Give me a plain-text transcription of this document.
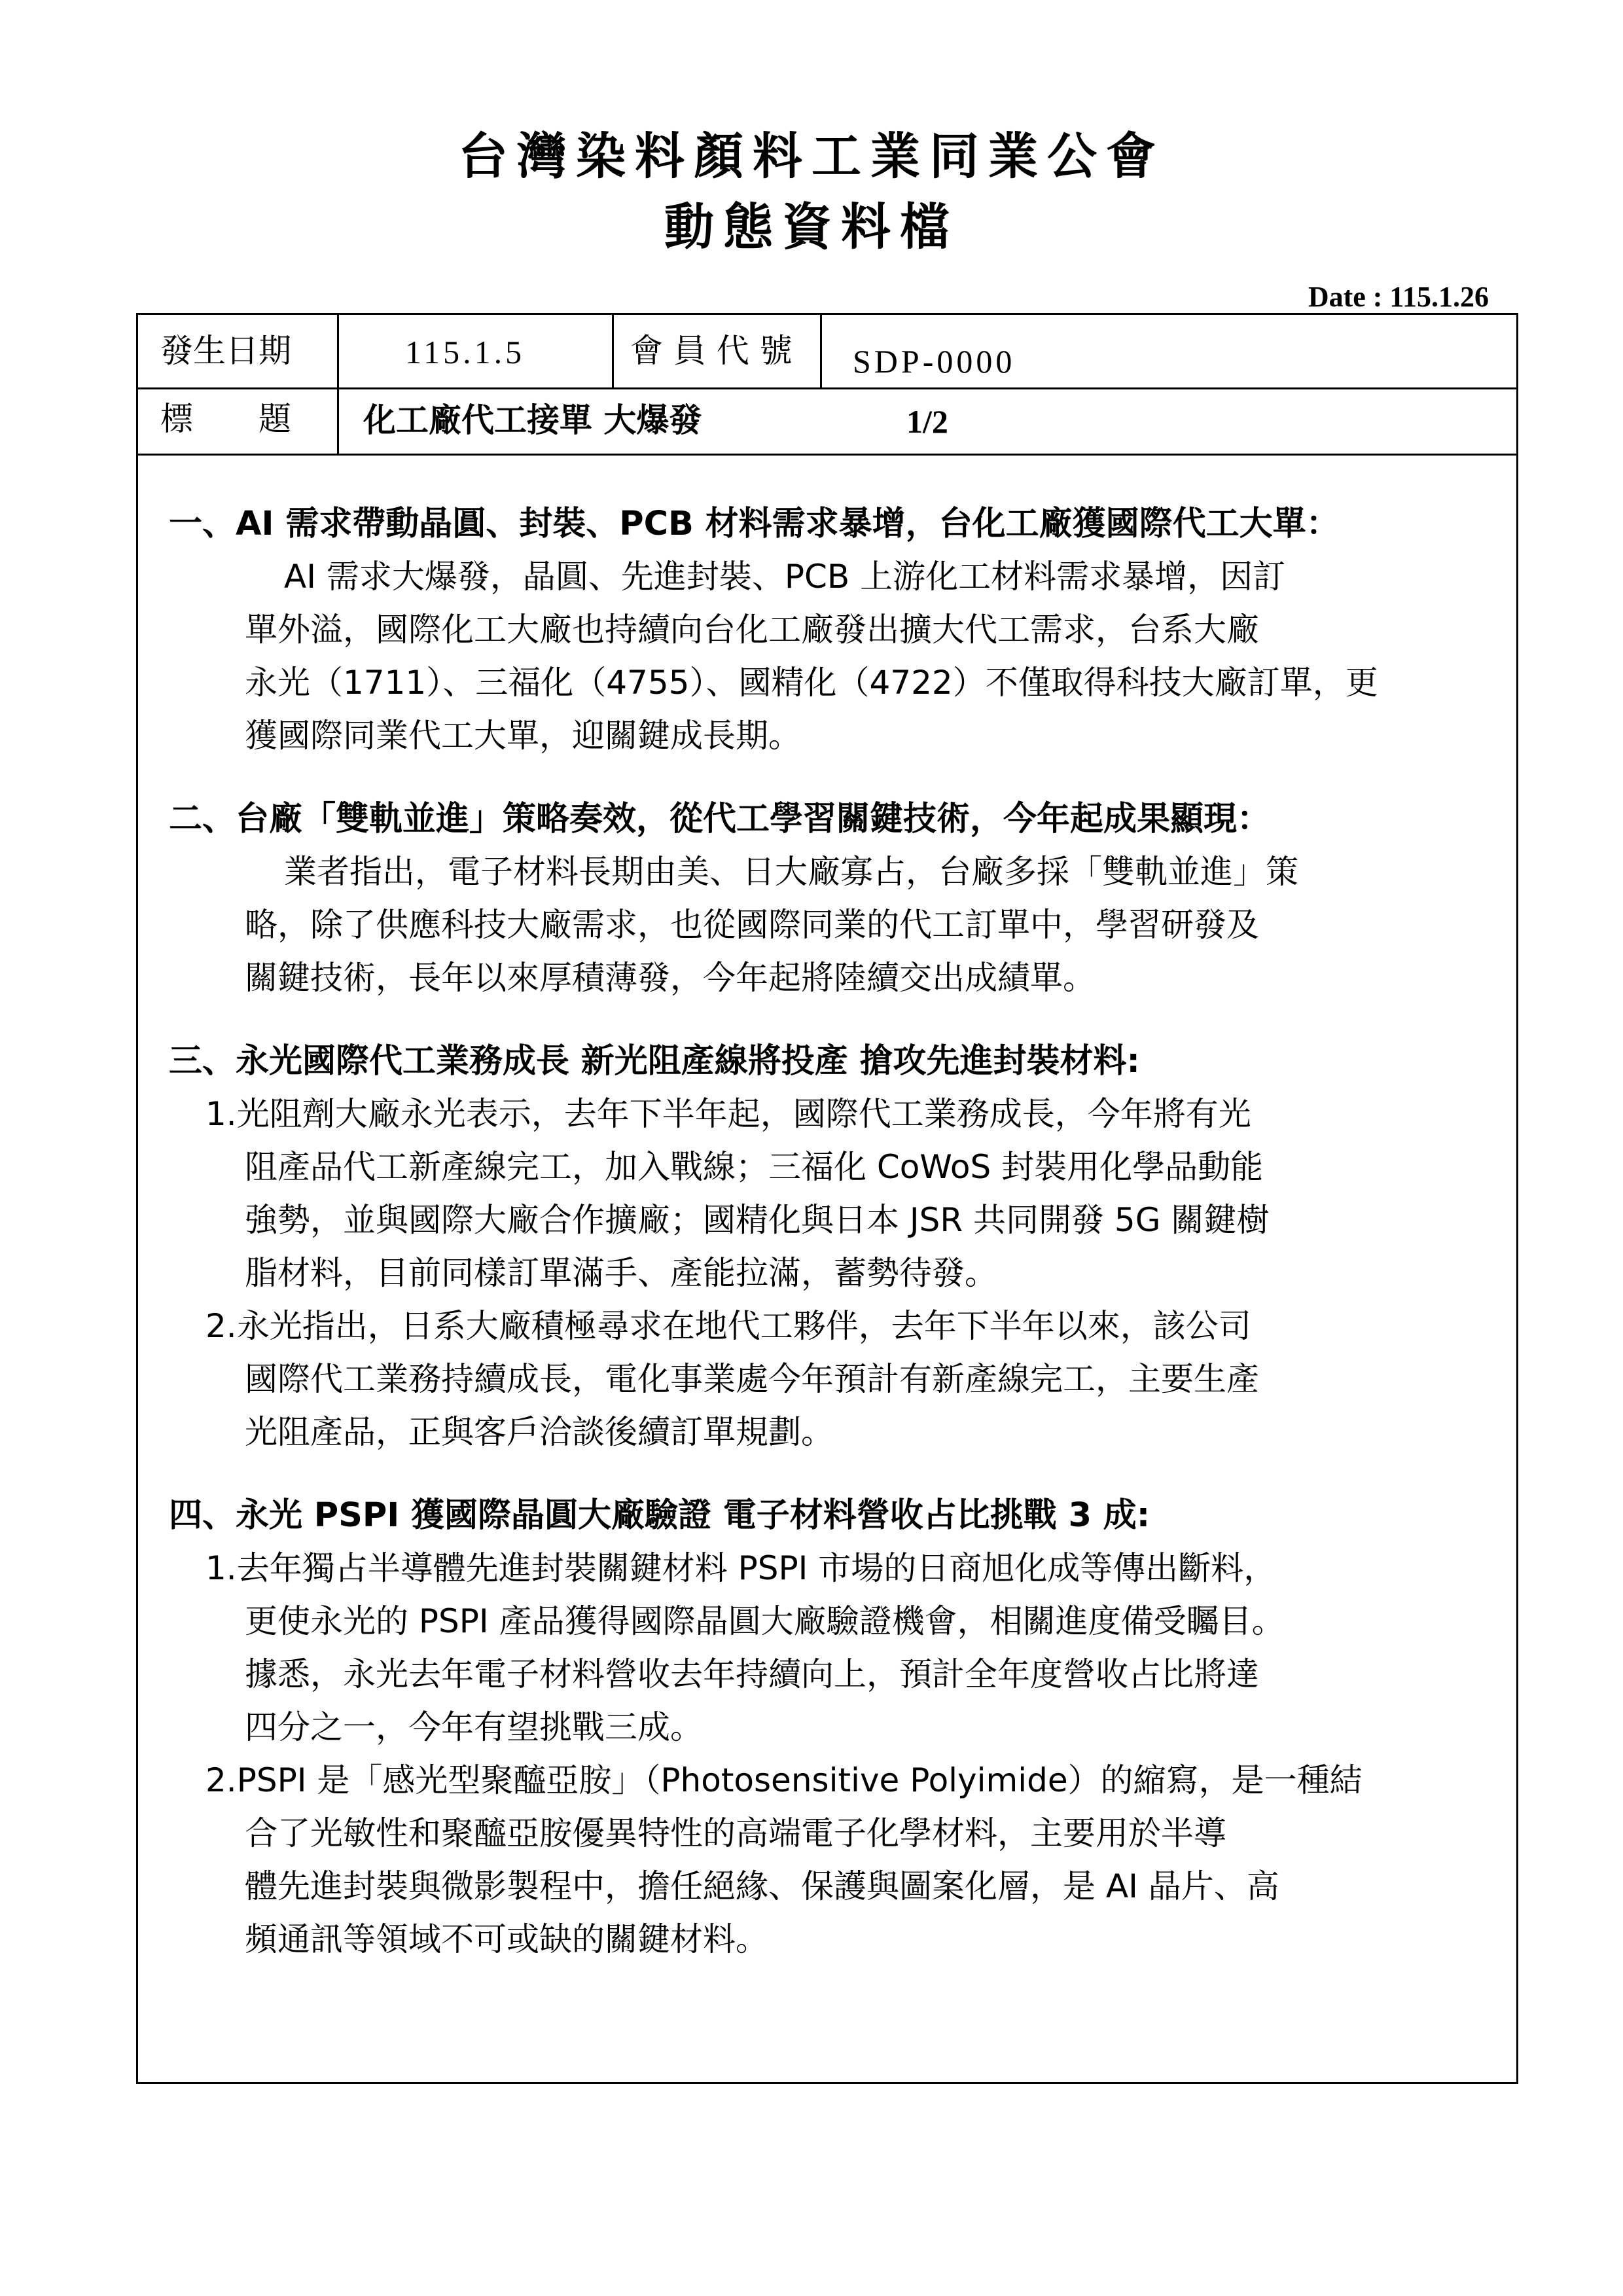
台灣染料顏料工業同業公會
動態資料檔
Date : 115.1.26
發生日期	115.1.5	會 員 代 號 SDP-0000
標　　題 化工廠代工接單 大爆發	1/2
一、AI 需求帶動晶圓、封裝、PCB 材料需求暴增，台化工廠獲國際代工大單：

AI 需求大爆發，晶圓、先進封裝、PCB 上游化工材料需求暴增，因訂
單外溢，國際化工大廠也持續向台化工廠發出擴大代工需求，台系大廠
永光（1711）、三福化（4755）、國精化（4722）不僅取得科技大廠訂單，更
獲國際同業代工大單，迎關鍵成長期。

二、台廠「雙軌並進」策略奏效，從代工學習關鍵技術，今年起成果顯現：

業者指出，電子材料長期由美、日大廠寡占，台廠多採「雙軌並進」策
略，除了供應科技大廠需求，也從國際同業的代工訂單中，學習研發及
關鍵技術，長年以來厚積薄發，今年起將陸續交出成績單。

三、永光國際代工業務成長 新光阻產線將投產 搶攻先進封裝材料:

1.光阻劑大廠永光表示，去年下半年起，國際代工業務成長，今年將有光
阻產品代工新產線完工，加入戰線；三福化 CoWoS 封裝用化學品動能
強勢，並與國際大廠合作擴廠；國精化與日本 JSR 共同開發 5G 關鍵樹
脂材料，目前同樣訂單滿手、產能拉滿，蓄勢待發。

2.永光指出，日系大廠積極尋求在地代工夥伴，去年下半年以來，該公司
國際代工業務持續成長，電化事業處今年預計有新產線完工，主要生產
光阻產品，正與客戶洽談後續訂單規劃。

四、永光 PSPI 獲國際晶圓大廠驗證 電子材料營收占比挑戰 3 成:

1.去年獨占半導體先進封裝關鍵材料 PSPI 市場的日商旭化成等傳出斷料，
更使永光的 PSPI 產品獲得國際晶圓大廠驗證機會，相關進度備受矚目。
據悉，永光去年電子材料營收去年持續向上，預計全年度營收占比將達
四分之一，今年有望挑戰三成。

2.PSPI 是「感光型聚醯亞胺」（Photosensitive Polyimide）的縮寫，是一種結
合了光敏性和聚醯亞胺優異特性的高端電子化學材料，主要用於半導
體先進封裝與微影製程中，擔任絕緣、保護與圖案化層，是 AI 晶片、高
頻通訊等領域不可或缺的關鍵材料。
